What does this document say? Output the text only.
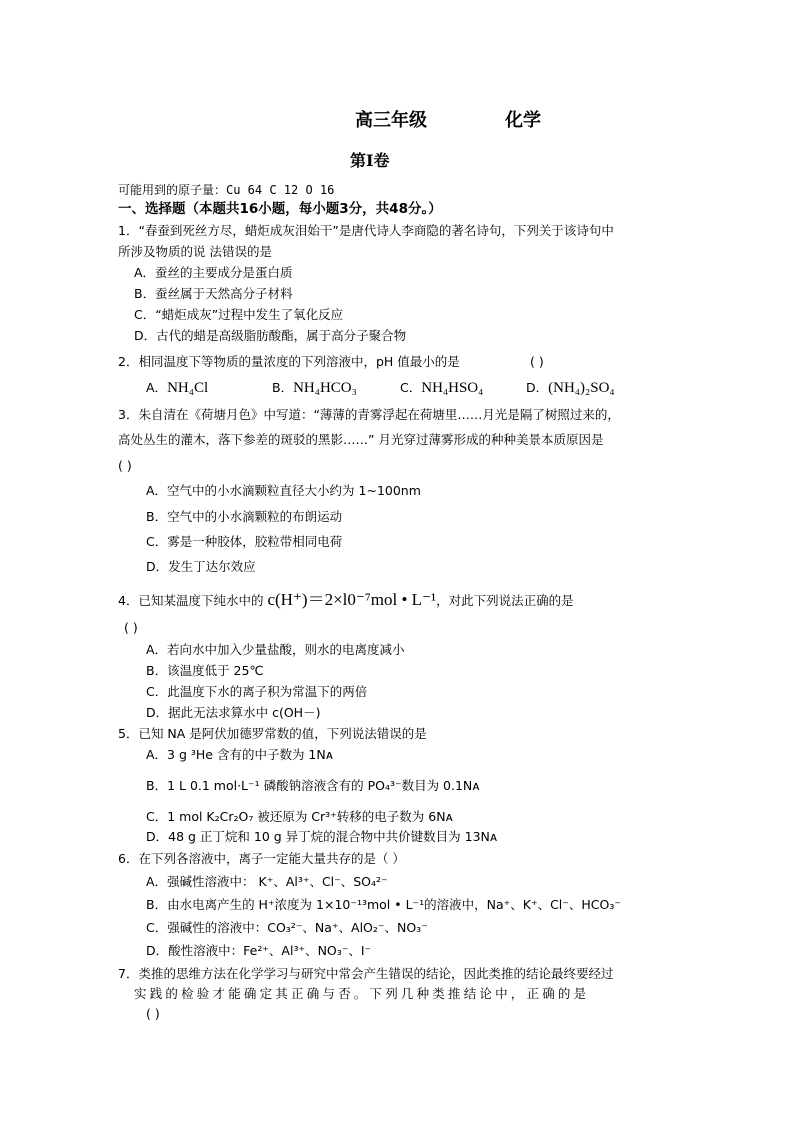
高三年级	化学
第Ⅰ卷
可能用到的原子量：Cu 64 C 12 O 16
一、选择题（本题共16小题，每小题3分，共48分。）
1．“春蚕到死丝方尽，蜡炬成灰泪始干”是唐代诗人李商隐的著名诗句，下列关于该诗句中
所涉及物质的说 法错误的是
A．蚕丝的主要成分是蛋白质
B．蚕丝属于天然高分子材料
C．“蜡炬成灰”过程中发生了氧化反应
D．古代的蜡是高级脂肪酸酯，属于高分子聚合物
2．相同温度下等物质的量浓度的下列溶液中，pH 值最小的是	( )
A．NH₄Cl	B．NH₄HCO₃	C．NH₄HSO₄	D．(NH₄)₂SO₄
3．朱自清在《荷塘月色》中写道：“薄薄的青雾浮起在荷塘里……月光是隔了树照过来的，
高处丛生的灌木，落下参差的斑驳的黑影……” 月光穿过薄雾形成的种种美景本质原因是
( )
A．空气中的小水滴颗粒直径大小约为 1~100nm
B．空气中的小水滴颗粒的布朗运动
C．雾是一种胶体，胶粒带相同电荷
D．发生丁达尔效应
4．已知某温度下纯水中的 c(H⁺)＝2×l0⁻⁷mol • L⁻¹，对此下列说法正确的是
( )
A．若向水中加入少量盐酸，则水的电离度减小
B．该温度低于 25℃
C．此温度下水的离子积为常温下的两倍
D．据此无法求算水中 c(OH－)
5．已知 NA 是阿伏加德罗常数的值，下列说法错误的是
A．3 g ³He 含有的中子数为 1Nᴀ
B．1 L 0.1 mol·L⁻¹ 磷酸钠溶液含有的 PO₄³⁻数目为 0.1Nᴀ
C．1 mol K₂Cr₂O₇ 被还原为 Cr³⁺转移的电子数为 6Nᴀ
D．48 g 正丁烷和 10 g 异丁烷的混合物中共价键数目为 13Nᴀ
6．在下列各溶液中，离子一定能大量共存的是（ ）
A．强碱性溶液中： K⁺、Al³⁺、Cl⁻、SO₄²⁻
B．由水电离产生的 H⁺浓度为 1×10⁻¹³mol • L⁻¹的溶液中，Na⁺、K⁺、Cl⁻、HCO₃⁻
C．强碱性的溶液中：CO₃²⁻、Na⁺、AlO₂⁻、NO₃⁻
D．酸性溶液中：Fe²⁺、Al³⁺、NO₃⁻、I⁻
7．类推的思维方法在化学学习与研究中常会产生错误的结论，因此类推的结论最终要经过
实践的检验才能确定其正确与否。下列几种类推结论中，正确的是
( )
